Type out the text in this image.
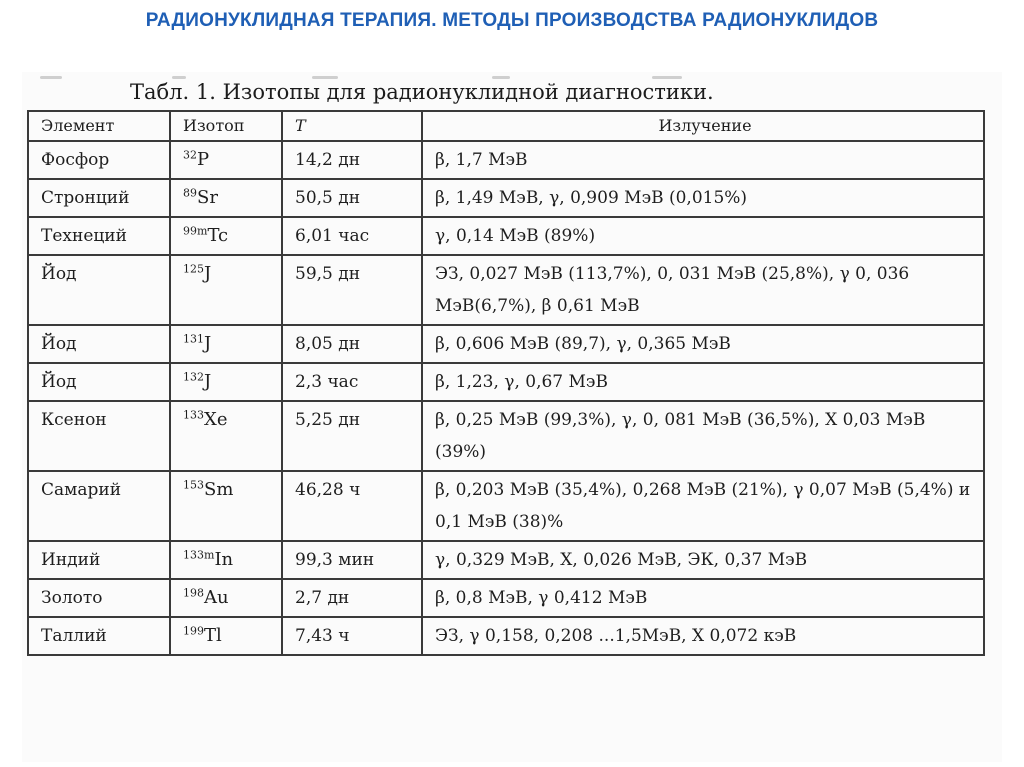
РАДИОНУКЛИДНАЯ ТЕРАПИЯ. МЕТОДЫ ПРОИЗВОДСТВА РАДИОНУКЛИДОВ
Табл. 1. Изотопы для радионуклидной диагностики.
Элемент	Изотоп	T	Излучение
Фосфор	$^{32}$P	14,2 дн	β, 1,7 МэВ
Стронций	$^{89}$Sr	50,5 дн	β, 1,49 МэВ, γ, 0,909 МэВ (0,015%)
Технеций	$^{99m}$Tc	6,01 час	γ, 0,14 МэВ (89%)
Йод	$^{125}$J	59,5 дн	ЭЗ, 0,027 МэВ (113,7%), 0, 031 МэВ (25,8%), γ 0, 036 МэВ(6,7%), β 0,61 МэВ
Йод	$^{131}$J	8,05 дн	β, 0,606 МэВ (89,7), γ, 0,365 МэВ
Йод	$^{132}$J	2,3 час	β, 1,23, γ, 0,67 МэВ
Ксенон	$^{133}$Xe	5,25 дн	β, 0,25 МэВ (99,3%), γ, 0, 081 МэВ (36,5%), X 0,03 МэВ (39%)
Самарий	$^{153}$Sm	46,28 ч	β, 0,203 МэВ (35,4%), 0,268 МэВ (21%), γ 0,07 МэВ (5,4%) и 0,1 МэВ (38)%
Индий	$^{133m}$In	99,3 мин	γ, 0,329 МэВ, X, 0,026 МэВ, ЭК, 0,37 МэВ
Золото	$^{198}$Au	2,7 дн	β, 0,8 МэВ, γ 0,412 МэВ
Таллий	$^{199}$Tl	7,43 ч	ЭЗ, γ 0,158, 0,208 ...1,5МэВ, X 0,072 кэВ
